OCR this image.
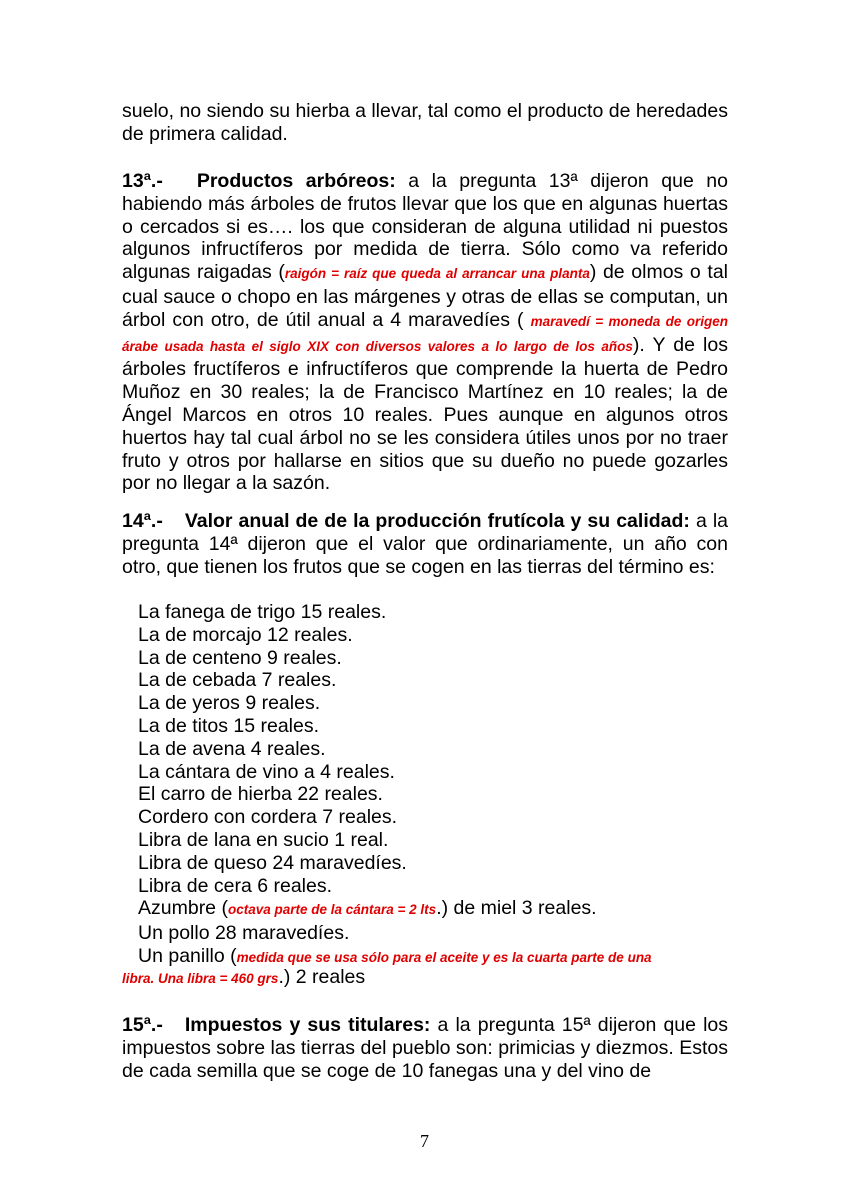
suelo, no siendo su hierba a llevar, tal como el producto de heredades de primera calidad.

13ª.- Productos arbóreos: a la pregunta 13ª dijeron que no habiendo más árboles de frutos llevar que los que en algunas huertas o cercados si es…. los que consideran de alguna utilidad ni puestos algunos infructíferos por medida de tierra. Sólo como va referido algunas raigadas (raigón = raíz que queda al arrancar una planta) de olmos o tal cual sauce o chopo en las márgenes y otras de ellas se computan, un árbol con otro, de útil anual a 4 maravedíes ( maravedí = moneda de origen árabe usada hasta el siglo XIX con diversos valores a lo largo de los años). Y de los árboles fructíferos e infructíferos que comprende la huerta de Pedro Muñoz en 30 reales; la de Francisco Martínez en 10 reales; la de Ángel Marcos en otros 10 reales. Pues aunque en algunos otros huertos hay tal cual árbol no se les considera útiles unos por no traer fruto y otros por hallarse en sitios que su dueño no puede gozarles por no llegar a la sazón.

14ª.- Valor anual de de la producción frutícola y su calidad: a la pregunta 14ª dijeron que el valor que ordinariamente, un año con otro, que tienen los frutos que se cogen en las tierras del término es:

La fanega de trigo 15 reales.
La de morcajo 12 reales.
La de centeno 9 reales.
La de cebada 7 reales.
La de yeros 9 reales.
La de titos 15 reales.
La de avena 4 reales.
La cántara de vino a 4 reales.
El carro de hierba 22 reales.
Cordero con cordera 7 reales.
Libra de lana en sucio 1 real.
Libra de queso 24 maravedíes.
Libra de cera 6 reales.
Azumbre (octava parte de la cántara = 2 lts.) de miel 3 reales.
Un pollo 28 maravedíes.
Un panillo (medida que se usa sólo para el aceite y es la cuarta parte de una
libra. Una libra = 460 grs.) 2 reales

15ª.- Impuestos y sus titulares: a la pregunta 15ª dijeron que los impuestos sobre las tierras del pueblo son: primicias y diezmos. Estos de cada semilla que se coge de 10 fanegas una y del vino de

7
